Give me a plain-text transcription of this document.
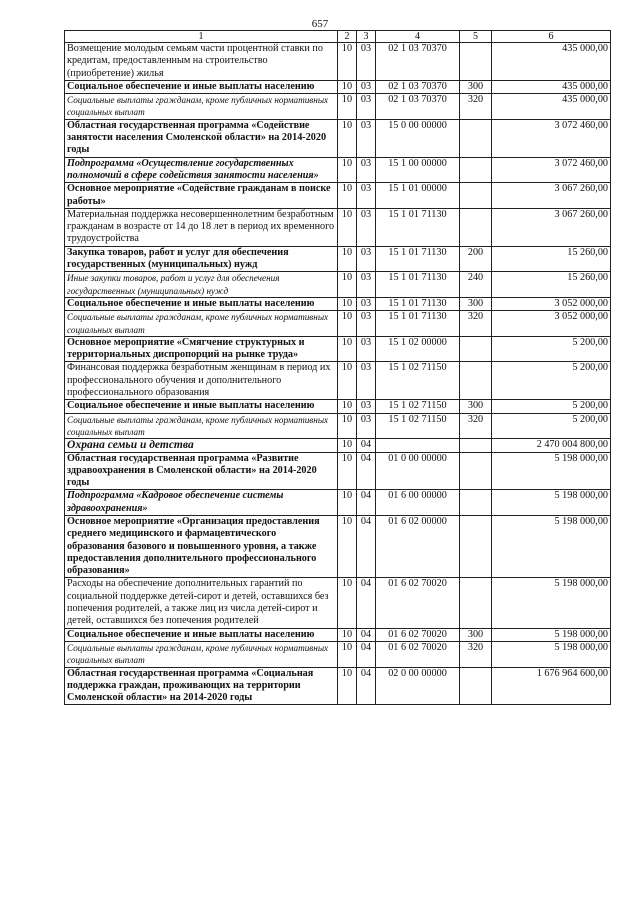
657
1	2	3	4	5	6
Возмещение молодым семьям части процентной ставки по кредитам, предоставленным на строительство (приобретение) жилья	10	03	02 1 03 70370		435 000,00
Социальное обеспечение и иные выплаты населению	10	03	02 1 03 70370	300	435 000,00
Социальные выплаты гражданам, кроме публичных нормативных социальных выплат	10	03	02 1 03 70370	320	435 000,00
Областная государственная программа «Содействие занятости населения Смоленской области» на 2014-2020 годы	10	03	15 0 00 00000		3 072 460,00
Подпрограмма «Осуществление государственных полномочий в сфере содействия занятости населения»	10	03	15 1 00 00000		3 072 460,00
Основное мероприятие «Содействие гражданам в поиске работы»	10	03	15 1 01 00000		3 067 260,00
Материальная поддержка несовершеннолетним безработным гражданам в возрасте от 14 до 18 лет в период их временного трудоустройства	10	03	15 1 01 71130		3 067 260,00
Закупка товаров, работ и услуг для обеспечения государственных (муниципальных) нужд	10	03	15 1 01 71130	200	15 260,00
Иные закупки товаров, работ и услуг для обеспечения государственных (муниципальных) нужд	10	03	15 1 01 71130	240	15 260,00
Социальное обеспечение и иные выплаты населению	10	03	15 1 01 71130	300	3 052 000,00
Социальные выплаты гражданам, кроме публичных нормативных социальных выплат	10	03	15 1 01 71130	320	3 052 000,00
Основное мероприятие «Смягчение структурных и территориальных диспропорций на рынке труда»	10	03	15 1 02 00000		5 200,00
Финансовая поддержка безработным женщинам в период их профессионального обучения и дополнительного профессионального образования	10	03	15 1 02 71150		5 200,00
Социальное обеспечение и иные выплаты населению	10	03	15 1 02 71150	300	5 200,00
Социальные выплаты гражданам, кроме публичных нормативных социальных выплат	10	03	15 1 02 71150	320	5 200,00
Охрана семьи и детства	10	04			2 470 004 800,00
Областная государственная программа «Развитие здравоохранения в Смоленской области» на 2014-2020 годы	10	04	01 0 00 00000		5 198 000,00
Подпрограмма «Кадровое обеспечение системы здравоохранения»	10	04	01 6 00 00000		5 198 000,00
Основное мероприятие «Организация предоставления среднего медицинского и фармацевтического образования базового и повышенного уровня, а также предоставления дополнительного профессионального образования»	10	04	01 6 02 00000		5 198 000,00
Расходы на обеспечение дополнительных гарантий по социальной поддержке детей-сирот и детей, оставшихся без попечения родителей, а также лиц из числа детей-сирот и детей, оставшихся без попечения родителей	10	04	01 6 02 70020		5 198 000,00
Социальное обеспечение и иные выплаты населению	10	04	01 6 02 70020	300	5 198 000,00
Социальные выплаты гражданам, кроме публичных нормативных социальных выплат	10	04	01 6 02 70020	320	5 198 000,00
Областная государственная программа «Социальная поддержка граждан, проживающих на территории Смоленской области» на 2014-2020 годы	10	04	02 0 00 00000		1 676 964 600,00
